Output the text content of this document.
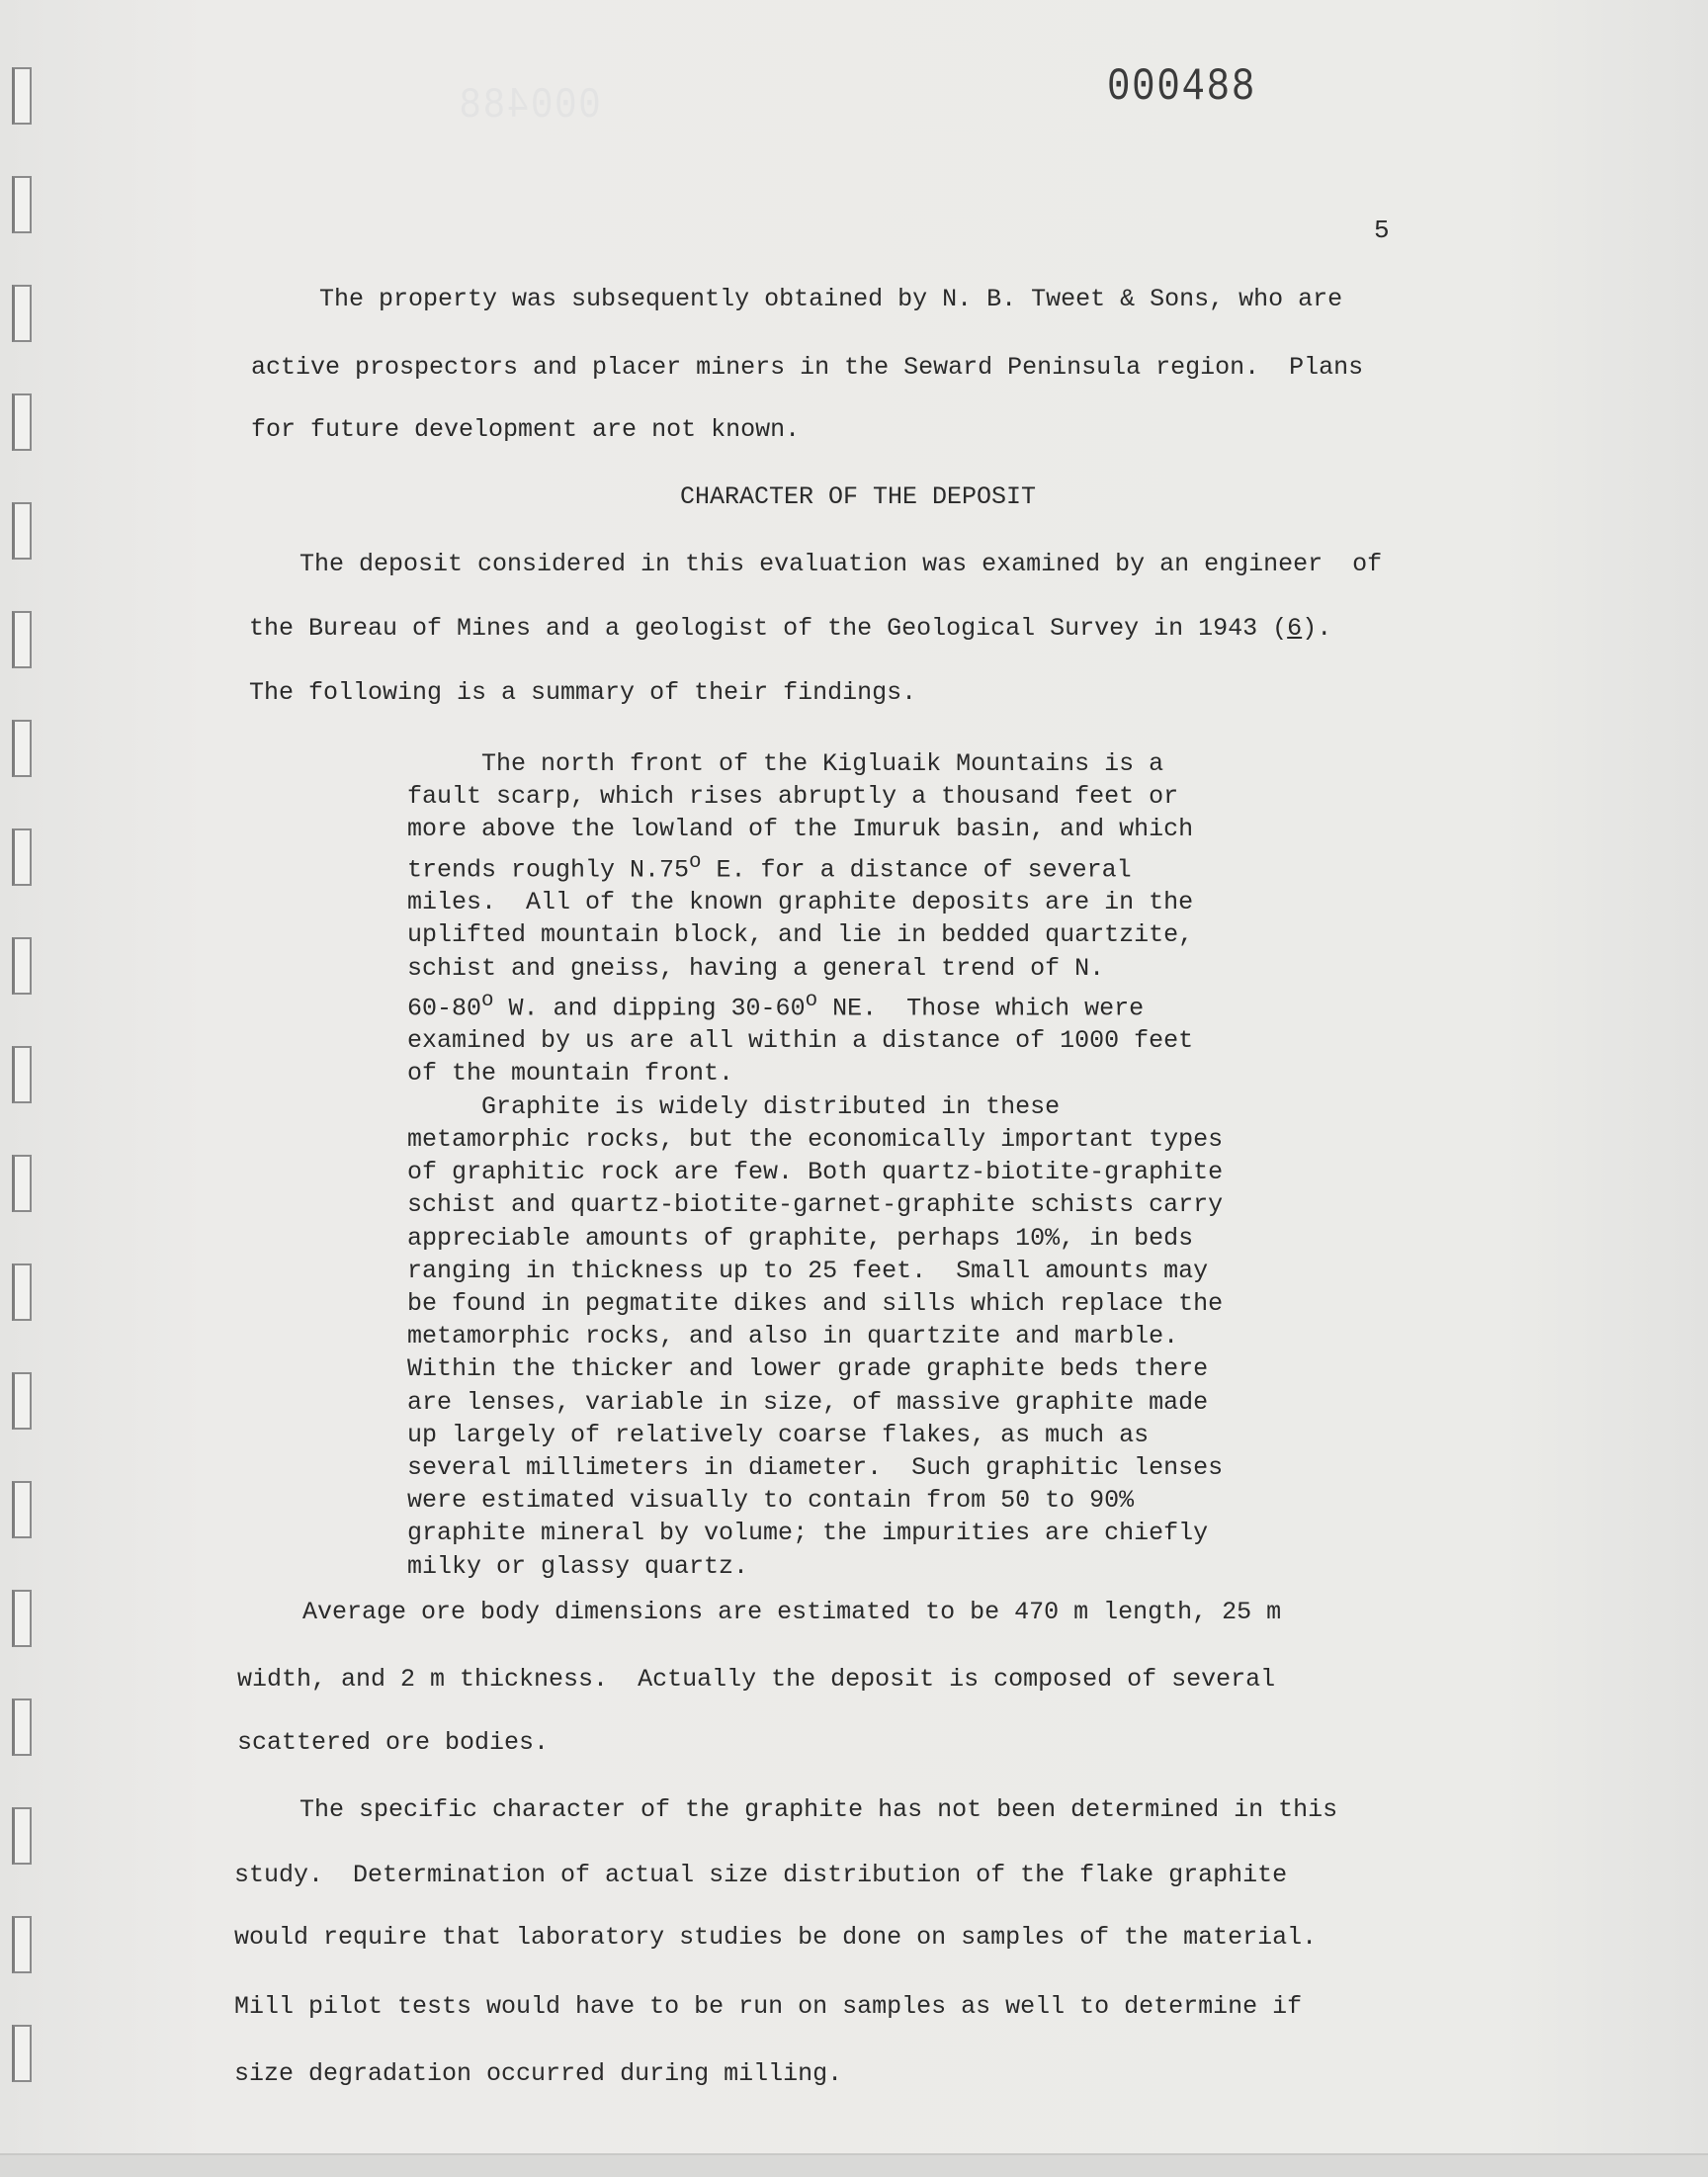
000488	000488
5
The property was subsequently obtained by N. B. Tweet & Sons, who are
active prospectors and placer miners in the Seward Peninsula region.  Plans
for future development are not known.
CHARACTER OF THE DEPOSIT
The deposit considered in this evaluation was examined by an engineer  of
the Bureau of Mines and a geologist of the Geological Survey in 1943 (6).
The following is a summary of their findings.
The north front of the Kigluaik Mountains is a
fault scarp, which rises abruptly a thousand feet or
more above the lowland of the Imuruk basin, and which
trends roughly N.75$^o$ E. for a distance of several
miles.  All of the known graphite deposits are in the
uplifted mountain block, and lie in bedded quartzite,
schist and gneiss, having a general trend of N.
60-80$^o$ W. and dipping 30-60$^o$ NE.  Those which were
examined by us are all within a distance of 1000 feet
of the mountain front.
Graphite is widely distributed in these
metamorphic rocks, but the economically important types
of graphitic rock are few. Both quartz-biotite-graphite
schist and quartz-biotite-garnet-graphite schists carry
appreciable amounts of graphite, perhaps 10%, in beds
ranging in thickness up to 25 feet.  Small amounts may
be found in pegmatite dikes and sills which replace the
metamorphic rocks, and also in quartzite and marble.
Within the thicker and lower grade graphite beds there
are lenses, variable in size, of massive graphite made
up largely of relatively coarse flakes, as much as
several millimeters in diameter.  Such graphitic lenses
were estimated visually to contain from 50 to 90%
graphite mineral by volume; the impurities are chiefly
milky or glassy quartz.
Average ore body dimensions are estimated to be 470 m length, 25 m
width, and 2 m thickness.  Actually the deposit is composed of several
scattered ore bodies.
The specific character of the graphite has not been determined in this
study.  Determination of actual size distribution of the flake graphite
would require that laboratory studies be done on samples of the material.
Mill pilot tests would have to be run on samples as well to determine if
size degradation occurred during milling.
